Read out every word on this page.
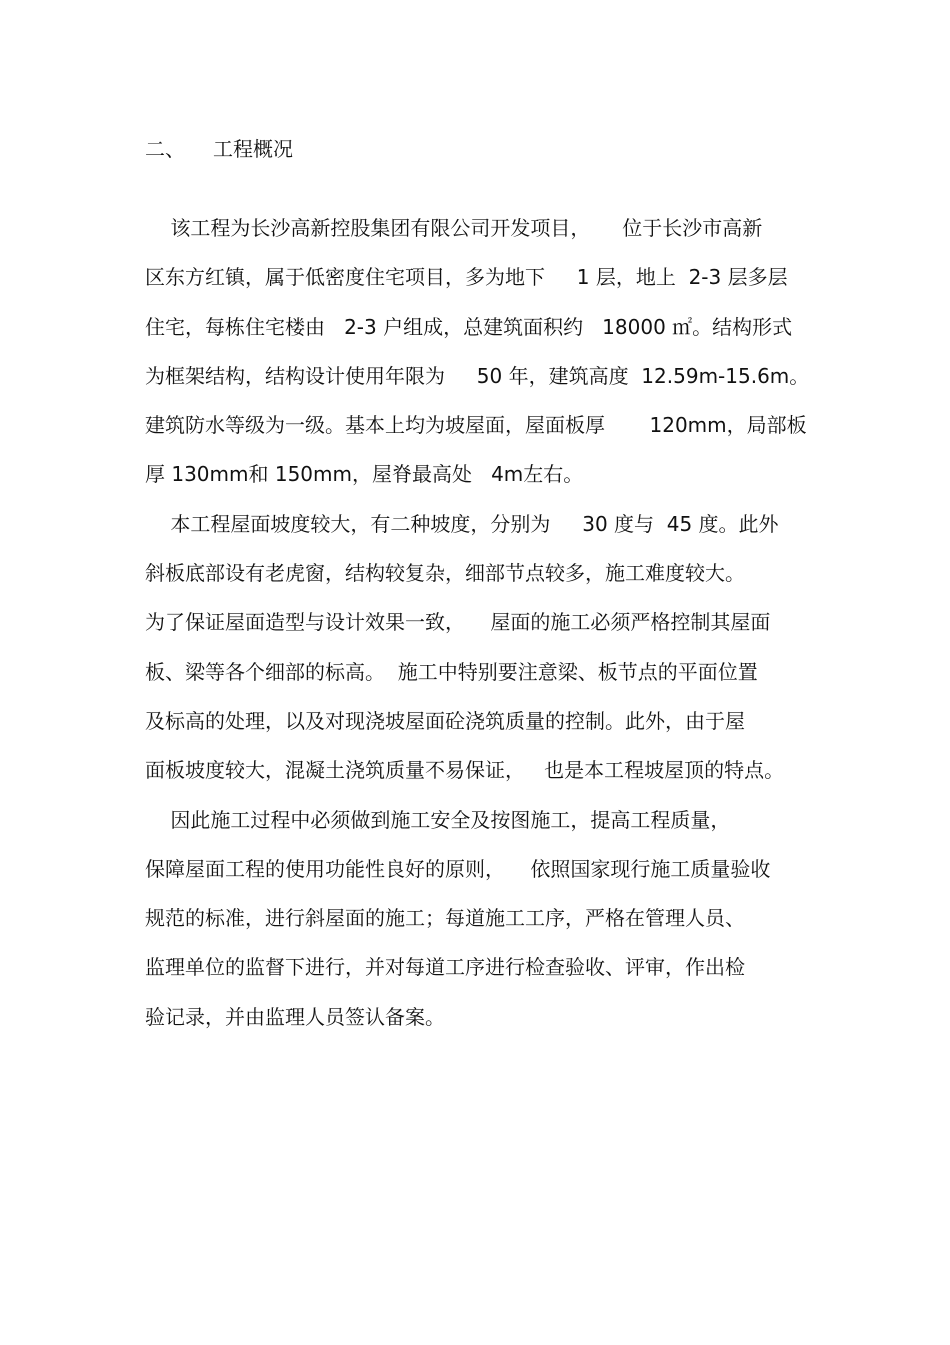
二、 工程概况
该工程为长沙高新控股集团有限公司开发项目，     位于长沙市高新
区东方红镇，属于低密度住宅项目，多为地下     1 层，地上  2-3 层多层
住宅，每栋住宅楼由   2-3 户组成，总建筑面积约   18000 ㎡。结构形式
为框架结构，结构设计使用年限为     50 年，建筑高度  12.59m-15.6m。
建筑防水等级为一级。基本上均为坡屋面，屋面板厚       120mm，局部板
厚 130mm和 150mm，屋脊最高处   4m左右。
本工程屋面坡度较大，有二种坡度，分别为     30 度与  45 度。此外
斜板底部设有老虎窗，结构较复杂，细部节点较多，施工难度较大。
为了保证屋面造型与设计效果一致，    屋面的施工必须严格控制其屋面
板、梁等各个细部的标高。  施工中特别要注意梁、板节点的平面位置
及标高的处理，以及对现浇坡屋面砼浇筑质量的控制。此外，由于屋
面板坡度较大，混凝土浇筑质量不易保证，   也是本工程坡屋顶的特点。
因此施工过程中必须做到施工安全及按图施工，提高工程质量，
保障屋面工程的使用功能性良好的原则，    依照国家现行施工质量验收
规范的标准，进行斜屋面的施工；每道施工工序，严格在管理人员、
监理单位的监督下进行，并对每道工序进行检查验收、评审，作出检
验记录，并由监理人员签认备案。
